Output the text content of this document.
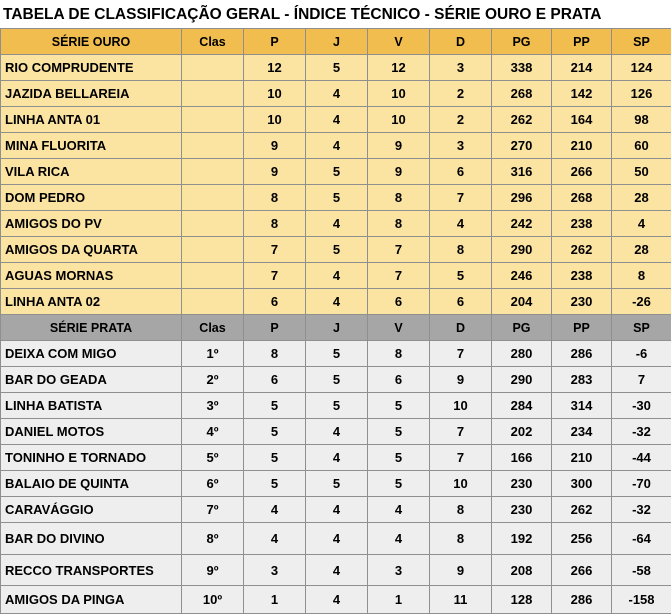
TABELA DE CLASSIFICAÇÃO GERAL - ÍNDICE TÉCNICO - SÉRIE OURO E PRATA
SÉRIE OURO	Clas	P	J	V	D	PG	PP	SP
RIO COMPRUDENTE		12	5	12	3	338	214	124
JAZIDA BELLAREIA		10	4	10	2	268	142	126
LINHA ANTA 01		10	4	10	2	262	164	98
MINA FLUORITA		9	4	9	3	270	210	60
VILA RICA		9	5	9	6	316	266	50
DOM PEDRO		8	5	8	7	296	268	28
AMIGOS DO PV		8	4	8	4	242	238	4
AMIGOS DA QUARTA		7	5	7	8	290	262	28
AGUAS MORNAS		7	4	7	5	246	238	8
LINHA ANTA 02		6	4	6	6	204	230	-26
SÉRIE PRATA	Clas	P	J	V	D	PG	PP	SP
DEIXA COM MIGO	1º	8	5	8	7	280	286	-6
BAR DO GEADA	2º	6	5	6	9	290	283	7
LINHA BATISTA	3º	5	5	5	10	284	314	-30
DANIEL MOTOS	4º	5	4	5	7	202	234	-32
TONINHO E TORNADO	5º	5	4	5	7	166	210	-44
BALAIO DE QUINTA	6º	5	5	5	10	230	300	-70
CARAVÁGGIO	7º	4	4	4	8	230	262	-32
BAR DO DIVINO	8º	4	4	4	8	192	256	-64
RECCO TRANSPORTES	9º	3	4	3	9	208	266	-58
AMIGOS DA PINGA	10º	1	4	1	11	128	286	-158
